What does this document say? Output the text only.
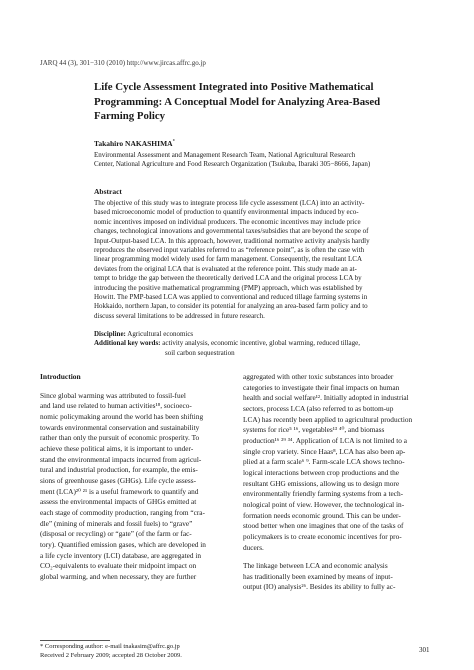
JARQ 44 (3), 301−310 (2010) http://www.jircas.affrc.go.jp
Life Cycle Assessment Integrated into Positive Mathematical
Programming: A Conceptual Model for Analyzing Area-Based
Farming Policy
Takahiro NAKASHIMA*
Environmental Assessment and Management Research Team, National Agricultural Research
Center, National Agriculture and Food Research Organization (Tsukuba, Ibaraki 305−8666, Japan)
Abstract
The objective of this study was to integrate process life cycle assessment (LCA) into an activity-
based microeconomic model of production to quantify environmental impacts induced by eco-
nomic incentives imposed on individual producers. The economic incentives may include price
changes, technological innovations and governmental taxes/subsidies that are beyond the scope of
Input-Output-based LCA. In this approach, however, traditional normative activity analysis hardly
reproduces the observed input variables referred to as “reference point”, as is often the case with
linear programming model widely used for farm management. Consequently, the resultant LCA
deviates from the original LCA that is evaluated at the reference point. This study made an at-
tempt to bridge the gap between the theoretically derived LCA and the original process LCA by
introducing the positive mathematical programming (PMP) approach, which was established by
Howitt. The PMP-based LCA was applied to conventional and reduced tillage farming systems in
Hokkaido, northern Japan, to consider its potential for analyzing an area-based farm policy and to
discuss several limitations to be addressed in future research.
Discipline: Agricultural economics
Additional key words: activity analysis, economic incentive, global warming, reduced tillage,
soil carbon sequestration

Introduction

Since global warming was attributed to fossil-fuel
and land use related to human activities¹⁸, socioeco-
nomic policymaking around the world has been shifting
towards environmental conservation and sustainability
rather than only the pursuit of economic prosperity. To
achieve these political aims, it is important to under-
stand the environmental impacts incurred from agricul-
tural and industrial production, for example, the emis-
sions of greenhouse gases (GHGs). Life cycle assess-
ment (LCA)²⁰ ²¹ is a useful framework to quantify and
assess the environmental impacts of GHGs emitted at
each stage of commodity production, ranging from “cra-
dle” (mining of minerals and fossil fuels) to “grave”
(disposal or recycling) or “gate” (of the farm or fac-
tory). Quantified emission gases, which are developed in
a life cycle inventory (LCI) database, are aggregated in
CO₂-equivalents to evaluate their midpoint impact on
global warming, and when necessary, they are further

aggregated with other toxic substances into broader
categories to investigate their final impacts on human
health and social welfare¹². Initially adopted in industrial
sectors, process LCA (also referred to as bottom-up
LCA) has recently been applied to agricultural production
systems for rice⁵ ¹⁶, vegetables¹³ ⁴⁰, and biomass
production¹⁶ ²⁹ ³⁴. Application of LCA is not limited to a
single crop variety. Since Haas⁸, LCA has also been ap-
plied at a farm scale⁶ ⁹. Farm-scale LCA shows techno-
logical interactions between crop productions and the
resultant GHG emissions, allowing us to design more
environmentally friendly farming systems from a tech-
nological point of view. However, the technological in-
formation needs economic ground. This can be under-
stood better when one imagines that one of the tasks of
policymakers is to create economic incentives for pro-
ducers.

The linkage between LCA and economic analysis
has traditionally been examined by means of input-
output (IO) analysis²⁶. Besides its ability to fully ac-

* Corresponding author: e-mail tnakasim@affrc.go.jp
Received 2 February 2009; accepted 28 October 2009.
301
